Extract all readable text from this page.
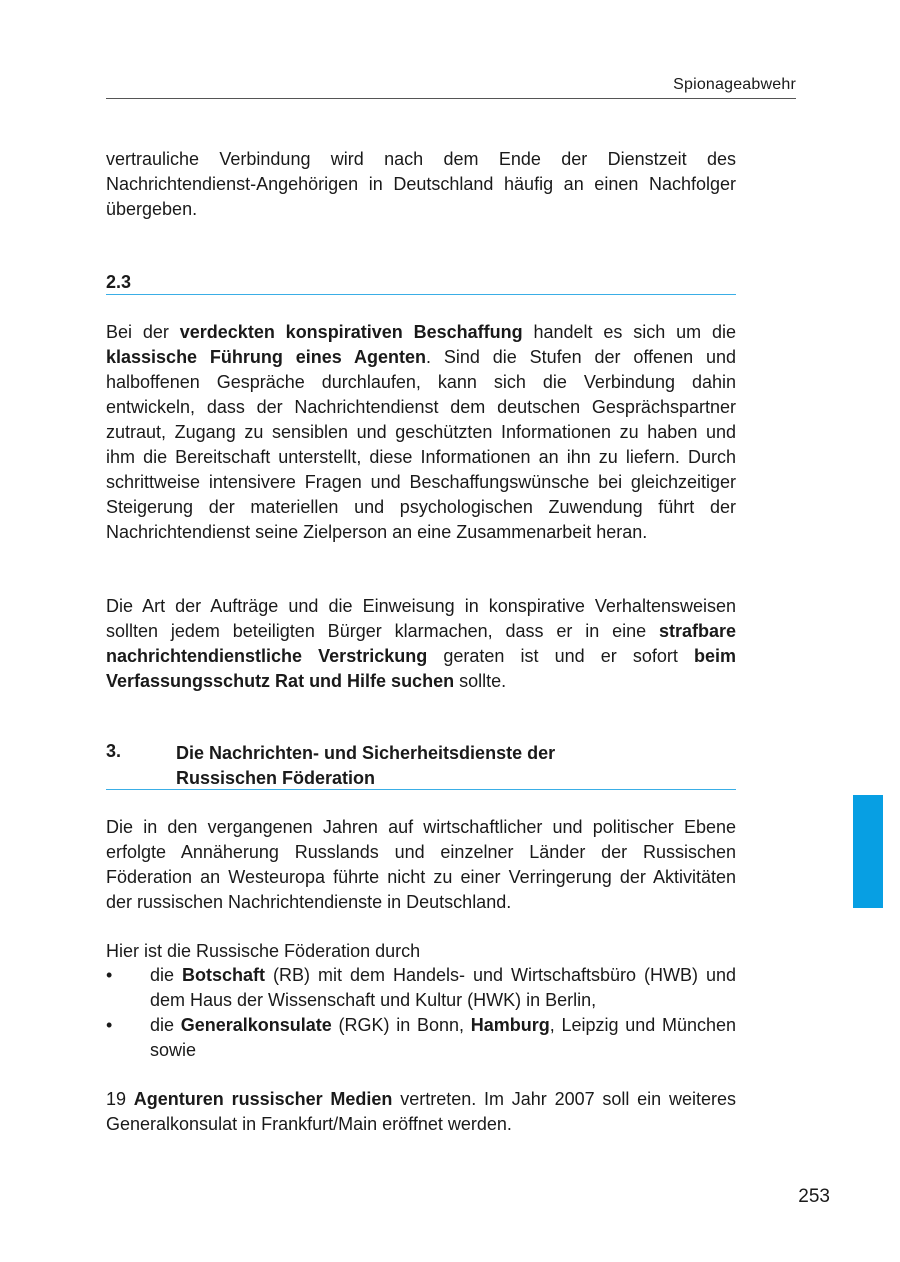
Spionageabwehr

vertrauliche Verbindung wird nach dem Ende der Dienstzeit des Nachrichtendienst-Angehörigen in Deutschland häufig an einen Nachfolger übergeben.

2.3

Bei der verdeckten konspirativen Beschaffung handelt es sich um die klassische Führung eines Agenten. Sind die Stufen der offenen und halboffenen Gespräche durchlaufen, kann sich die Verbindung dahin entwickeln, dass der Nachrichtendienst dem deutschen Gesprächspartner zutraut, Zugang zu sensiblen und geschützten Informationen zu haben und ihm die Bereitschaft unterstellt, diese Informationen an ihn zu liefern. Durch schrittweise intensivere Fragen und Beschaffungswünsche bei gleichzeitiger Steigerung der materiellen und psychologischen Zuwendung führt der Nachrichtendienst seine Zielperson an eine Zusammenarbeit heran.

Die Art der Aufträge und die Einweisung in konspirative Verhaltensweisen sollten jedem beteiligten Bürger klarmachen, dass er in eine strafbare nachrichtendienstliche Verstrickung geraten ist und er sofort beim Verfassungsschutz Rat und Hilfe suchen sollte.

3.	Die Nachrichten- und Sicherheitsdienste der
Russischen Föderation

Die in den vergangenen Jahren auf wirtschaftlicher und politischer Ebene erfolgte Annäherung Russlands und einzelner Länder der Russischen Föderation an Westeuropa führte nicht zu einer Verringerung der Aktivitäten der russischen Nachrichtendienste in Deutschland.

Hier ist die Russische Föderation durch

• die Botschaft (RB) mit dem Handels- und Wirtschaftsbüro (HWB) und dem Haus der Wissenschaft und Kultur (HWK) in Berlin,
• die Generalkonsulate (RGK) in Bonn, Hamburg, Leipzig und München sowie

19 Agenturen russischer Medien vertreten. Im Jahr 2007 soll ein weiteres Generalkonsulat in Frankfurt/Main eröffnet werden.

253
